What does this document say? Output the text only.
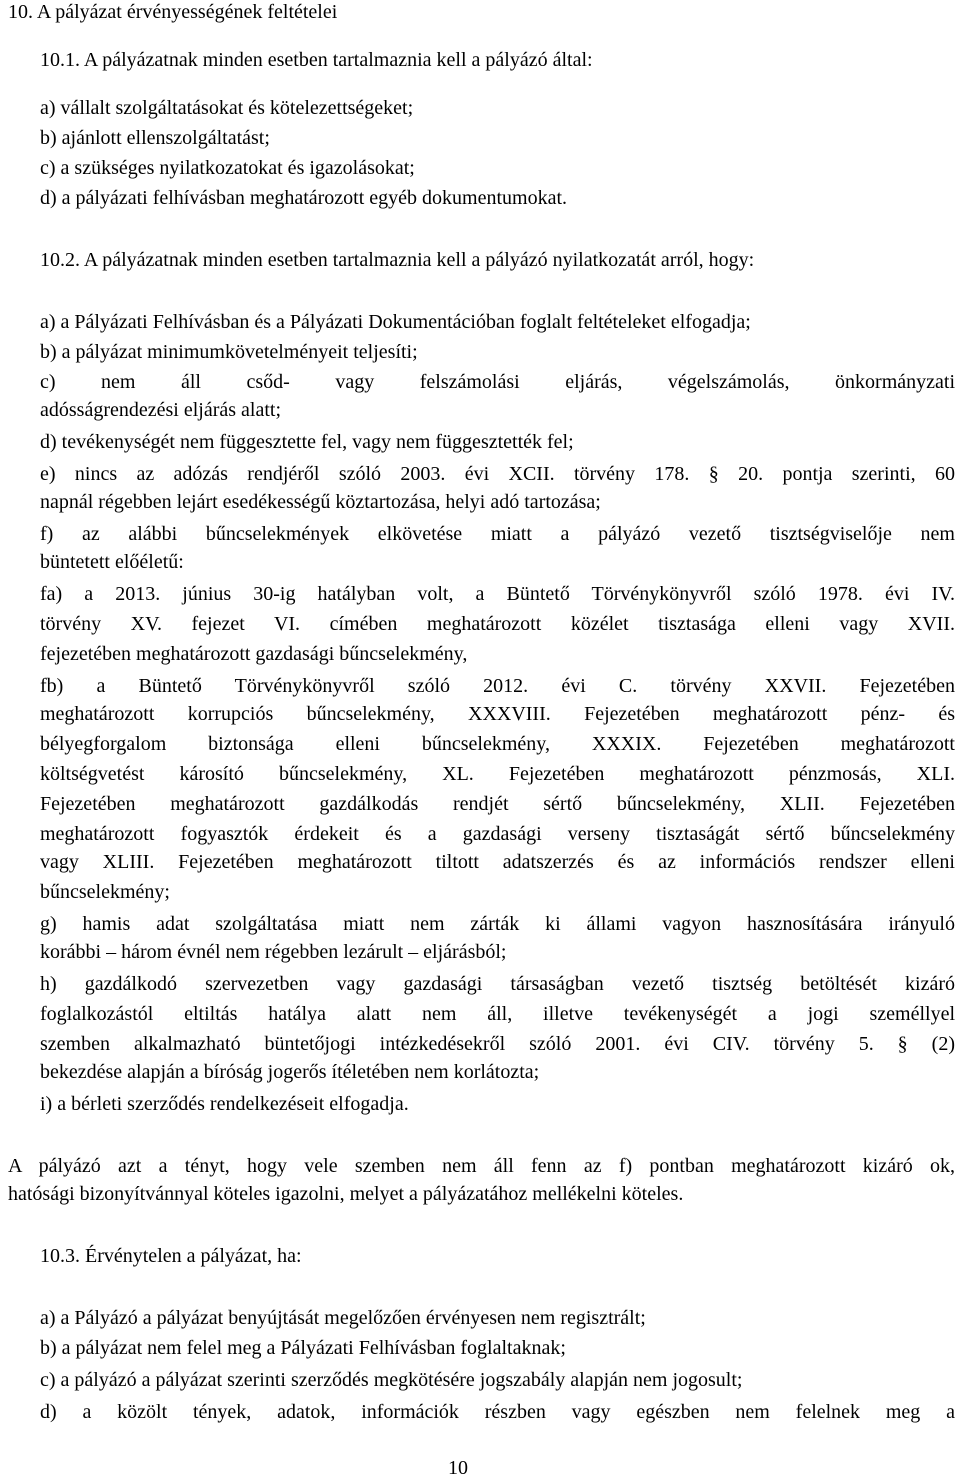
10. A pályázat érvényességének feltételei
10.1. A pályázatnak minden esetben tartalmaznia kell a pályázó által:
a) vállalt szolgáltatásokat és kötelezettségeket;
b) ajánlott ellenszolgáltatást;
c) a szükséges nyilatkozatokat és igazolásokat;
d) a pályázati felhívásban meghatározott egyéb dokumentumokat.
10.2. A pályázatnak minden esetben tartalmaznia kell a pályázó nyilatkozatát arról, hogy:
a) a Pályázati Felhívásban és a Pályázati Dokumentációban foglalt feltételeket elfogadja;
b) a pályázat minimumkövetelményeit teljesíti;
c) nem áll csőd- vagy felszámolási eljárás, végelszámolás, önkormányzati
adósságrendezési eljárás alatt;
d) tevékenységét nem függesztette fel, vagy nem függesztették fel;
e) nincs az adózás rendjéről szóló 2003. évi XCII. törvény 178. § 20. pontja szerinti, 60
napnál régebben lejárt esedékességű köztartozása, helyi adó tartozása;
f) az alábbi bűncselekmények elkövetése miatt a pályázó vezető tisztségviselője nem
büntetett előéletű:
fa) a 2013. június 30-ig hatályban volt, a Büntető Törvénykönyvről szóló 1978. évi IV.
törvény XV. fejezet VI. címében meghatározott közélet tisztasága elleni vagy XVII.
fejezetében meghatározott gazdasági bűncselekmény,
fb) a Büntető Törvénykönyvről szóló 2012. évi C. törvény XXVII. Fejezetében
meghatározott korrupciós bűncselekmény, XXXVIII. Fejezetében meghatározott pénz- és
bélyegforgalom biztonsága elleni bűncselekmény, XXXIX. Fejezetében meghatározott
költségvetést károsító bűncselekmény, XL. Fejezetében meghatározott pénzmosás, XLI.
Fejezetében meghatározott gazdálkodás rendjét sértő bűncselekmény, XLII. Fejezetében
meghatározott fogyasztók érdekeit és a gazdasági verseny tisztaságát sértő bűncselekmény
vagy XLIII. Fejezetében meghatározott tiltott adatszerzés és az információs rendszer elleni
bűncselekmény;
g) hamis adat szolgáltatása miatt nem zárták ki állami vagyon hasznosítására irányuló
korábbi – három évnél nem régebben lezárult – eljárásból;
h) gazdálkodó szervezetben vagy gazdasági társaságban vezető tisztség betöltését kizáró
foglalkozástól eltiltás hatálya alatt nem áll, illetve tevékenységét a jogi személlyel
szemben alkalmazható büntetőjogi intézkedésekről szóló 2001. évi CIV. törvény 5. § (2)
bekezdése alapján a bíróság jogerős ítéletében nem korlátozta;
i) a bérleti szerződés rendelkezéseit elfogadja.
A pályázó azt a tényt, hogy vele szemben nem áll fenn az f) pontban meghatározott kizáró ok,
hatósági bizonyítvánnyal köteles igazolni, melyet a pályázatához mellékelni köteles.
10.3. Érvénytelen a pályázat, ha:
a) a Pályázó a pályázat benyújtását megelőzően érvényesen nem regisztrált;
b) a pályázat nem felel meg a Pályázati Felhívásban foglaltaknak;
c) a pályázó a pályázat szerinti szerződés megkötésére jogszabály alapján nem jogosult;
d) a közölt tények, adatok, információk részben vagy egészben nem felelnek meg a
10
